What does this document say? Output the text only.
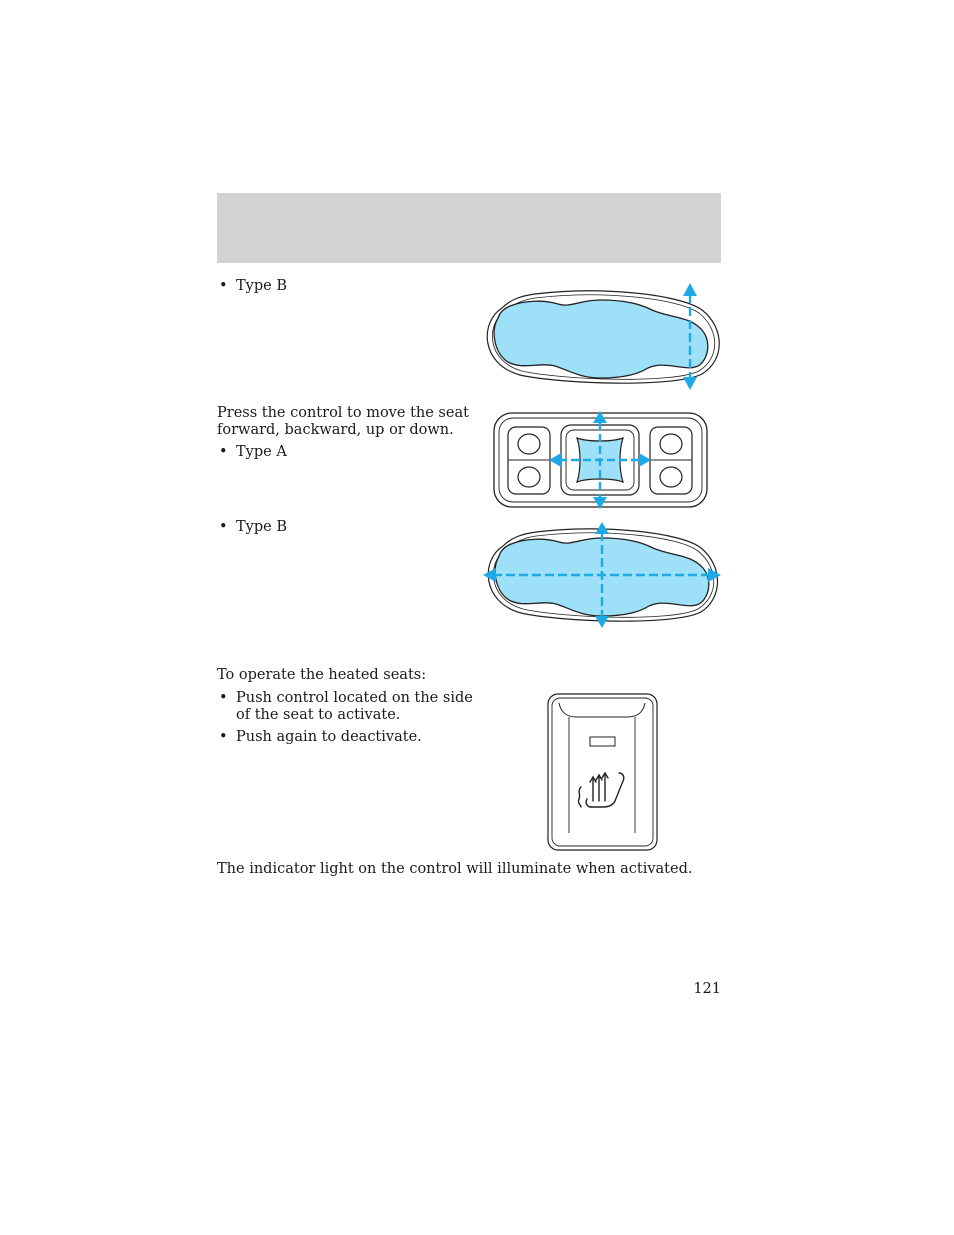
• Type B
Press the control to move the seat
forward, backward, up or down.
• Type A
• Type B
To operate the heated seats:
• Push control located on the side
of the seat to activate.
• Push again to deactivate.
The indicator light on the control will illuminate when activated.
121
